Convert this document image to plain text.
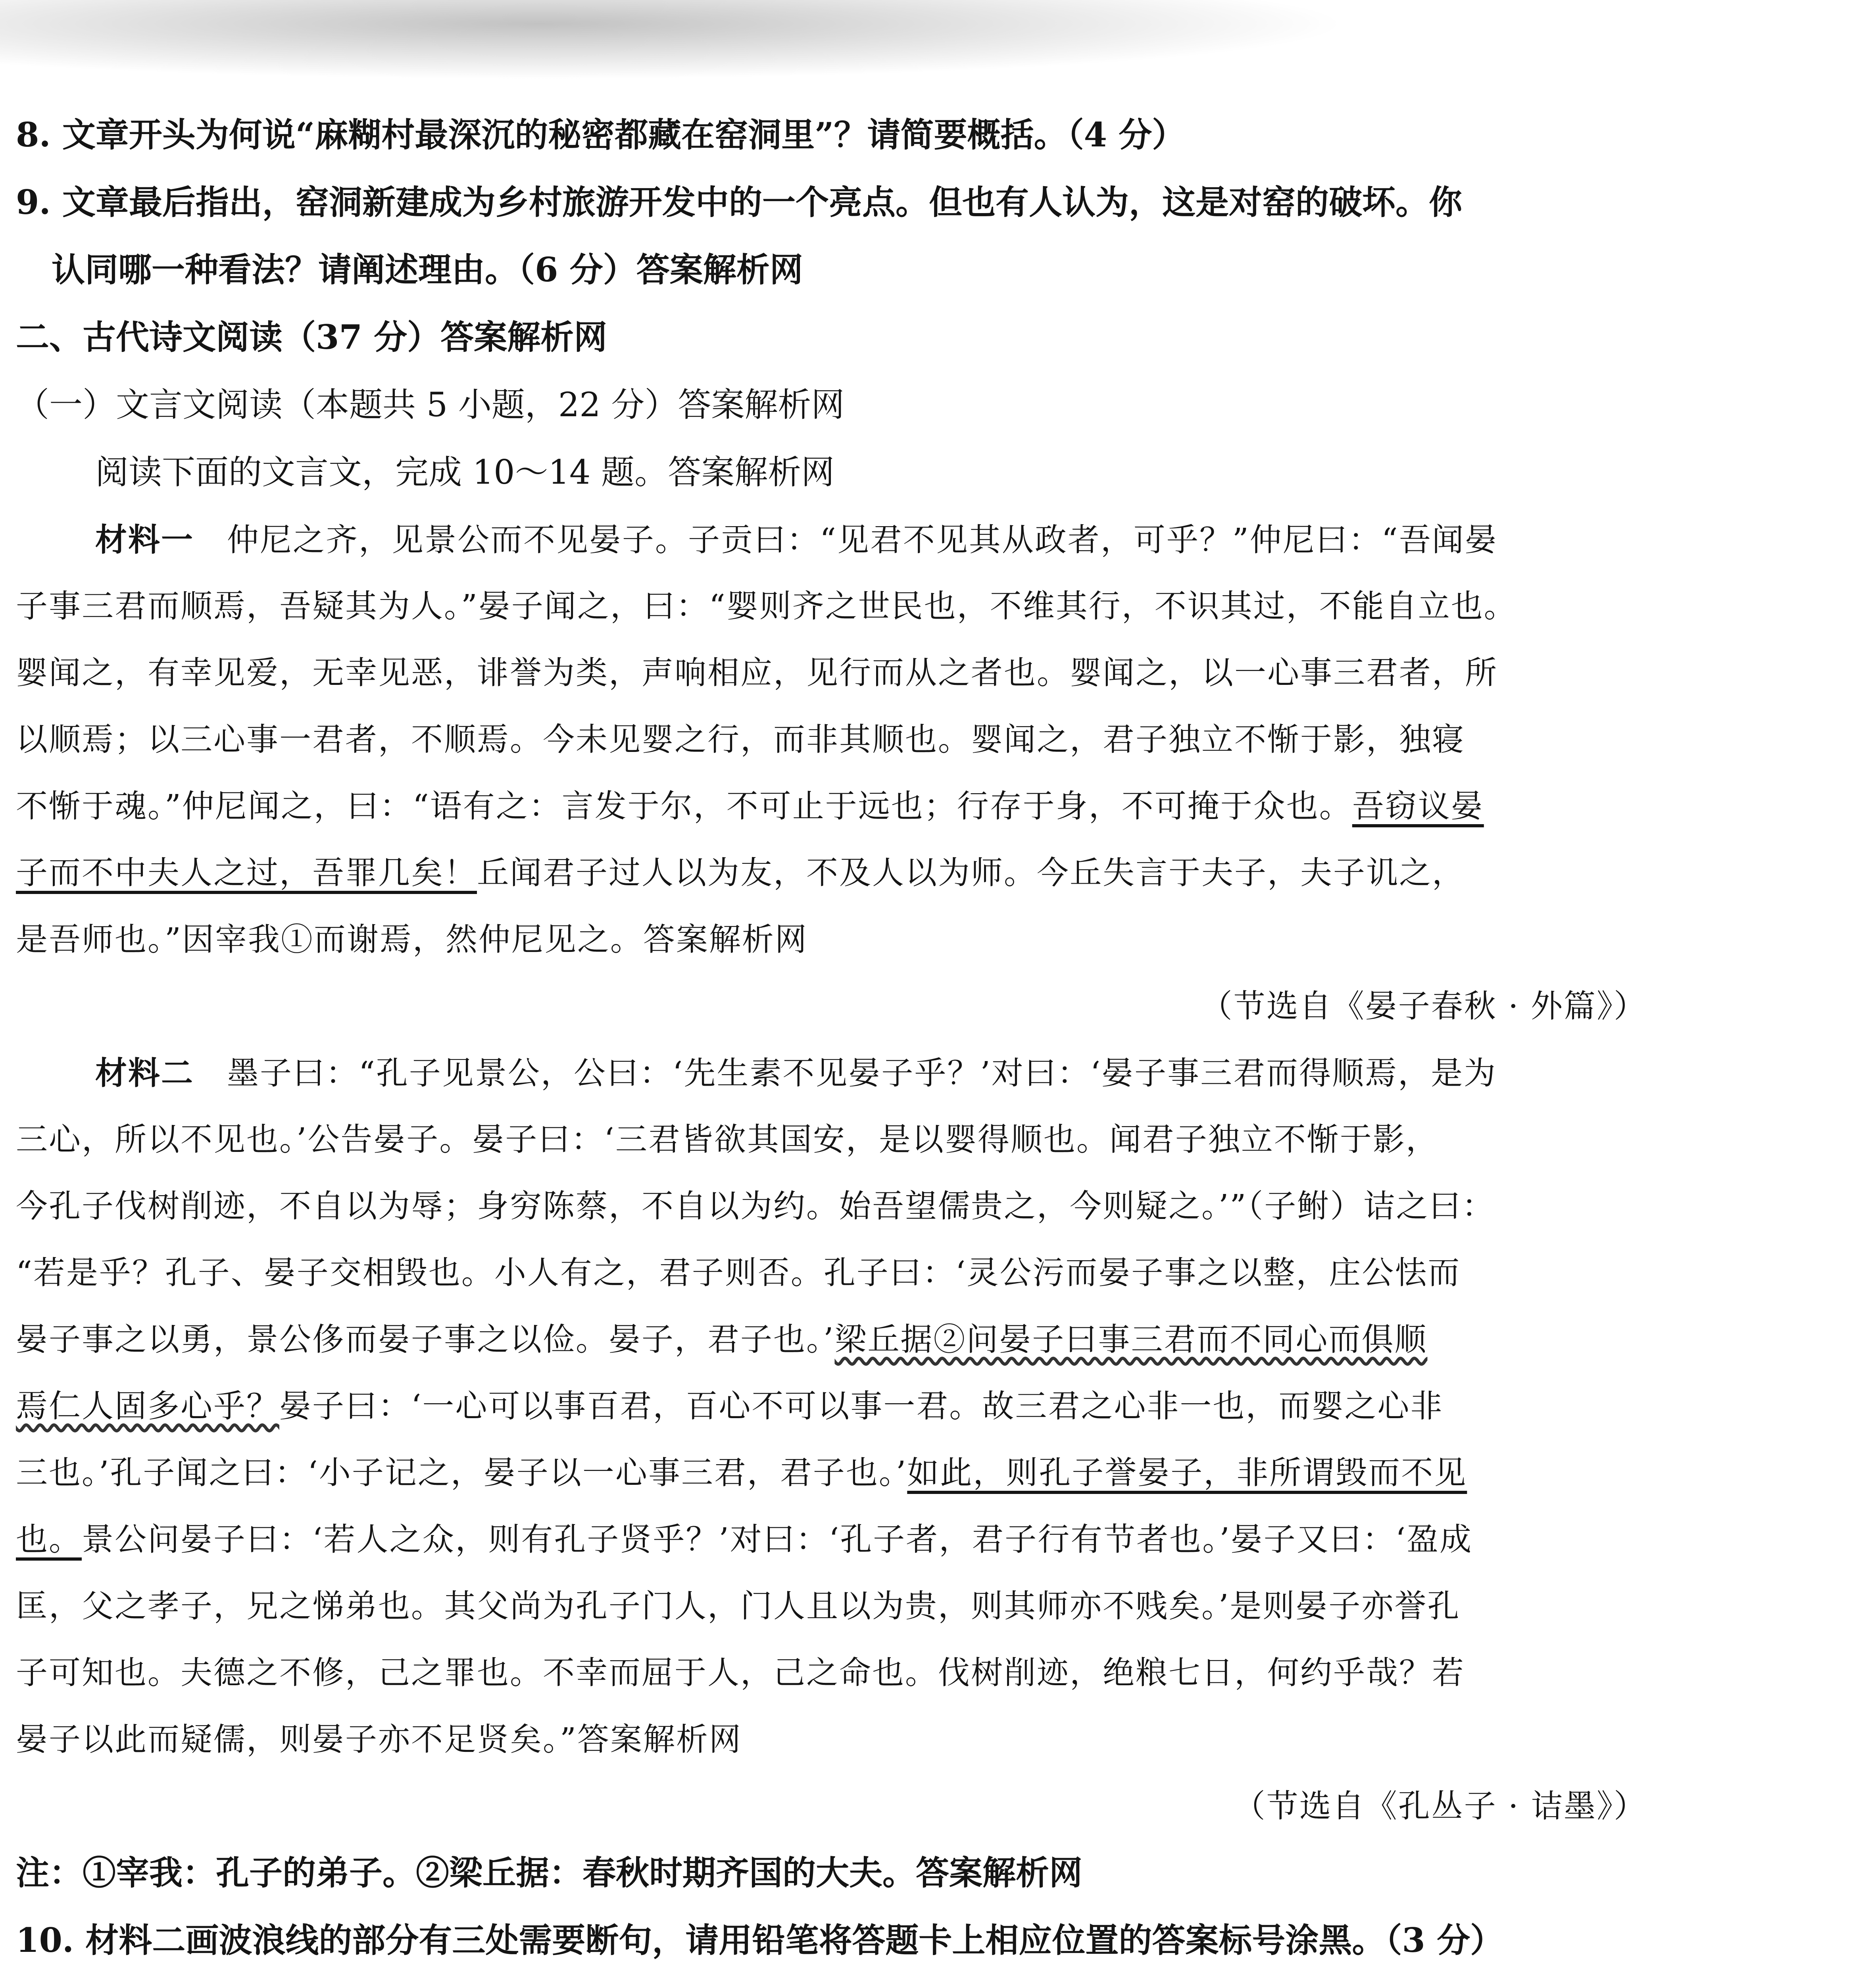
8. 文章开头为何说“麻糊村最深沉的秘密都藏在窑洞里”？请简要概括。（4 分）
9. 文章最后指出，窑洞新建成为乡村旅游开发中的一个亮点。但也有人认为，这是对窑的破坏。你
认同哪一种看法？请阐述理由。（6 分）答案解析网
二、古代诗文阅读（37 分）答案解析网
（一）文言文阅读（本题共 5 小题，22 分）答案解析网
阅读下面的文言文，完成 10～14 题。答案解析网
材料一　 仲尼之齐，见景公而不见晏子。子贡曰：“见君不见其从政者，可乎？”仲尼曰：“吾闻晏
子事三君而顺焉，吾疑其为人。”晏子闻之，曰：“婴则齐之世民也，不维其行，不识其过，不能自立也。
婴闻之，有幸见爱，无幸见恶，诽誉为类，声响相应，见行而从之者也。婴闻之，以一心事三君者，所
以顺焉；以三心事一君者，不顺焉。今未见婴之行，而非其顺也。婴闻之，君子独立不惭于影，独寝
不惭于魂。”仲尼闻之，曰：“语有之：言发于尔，不可止于远也；行存于身，不可掩于众也。吾窃议晏
子而不中夫人之过，吾罪几矣！丘闻君子过人以为友，不及人以为师。今丘失言于夫子，夫子讥之，
是吾师也。”因宰我①而谢焉，然仲尼见之。答案解析网
（节选自《晏子春秋 · 外篇》）
材料二　 墨子曰：“孔子见景公，公曰：‘先生素不见晏子乎？’对曰：‘晏子事三君而得顺焉，是为
三心，所以不见也。’公告晏子。晏子曰：‘三君皆欲其国安，是以婴得顺也。闻君子独立不惭于影，
今孔子伐树削迹，不自以为辱；身穷陈蔡，不自以为约。始吾望儒贵之，今则疑之。’”（子鲋）诘之曰：
“若是乎？孔子、晏子交相毁也。小人有之，君子则否。孔子曰：‘灵公污而晏子事之以整，庄公怯而
晏子事之以勇，景公侈而晏子事之以俭。晏子，君子也。’梁丘据②问晏子曰事三君而不同心而俱顺
焉仁人固多心乎？晏子曰：‘一心可以事百君，百心不可以事一君。故三君之心非一也，而婴之心非
三也。’孔子闻之曰：‘小子记之，晏子以一心事三君，君子也。’如此，则孔子誉晏子，非所谓毁而不见
也。景公问晏子曰：‘若人之众，则有孔子贤乎？’对曰：‘孔子者，君子行有节者也。’晏子又曰：‘盈成
匡，父之孝子，兄之悌弟也。其父尚为孔子门人，门人且以为贵，则其师亦不贱矣。’是则晏子亦誉孔
子可知也。夫德之不修，己之罪也。不幸而屈于人，己之命也。伐树削迹，绝粮七日，何约乎哉？若
晏子以此而疑儒，则晏子亦不足贤矣。”答案解析网
（节选自《孔丛子 · 诘墨》）
注：①宰我：孔子的弟子。②梁丘据：春秋时期齐国的大夫。答案解析网
10. 材料二画波浪线的部分有三处需要断句，请用铅笔将答题卡上相应位置的答案标号涂黑。（3 分）
